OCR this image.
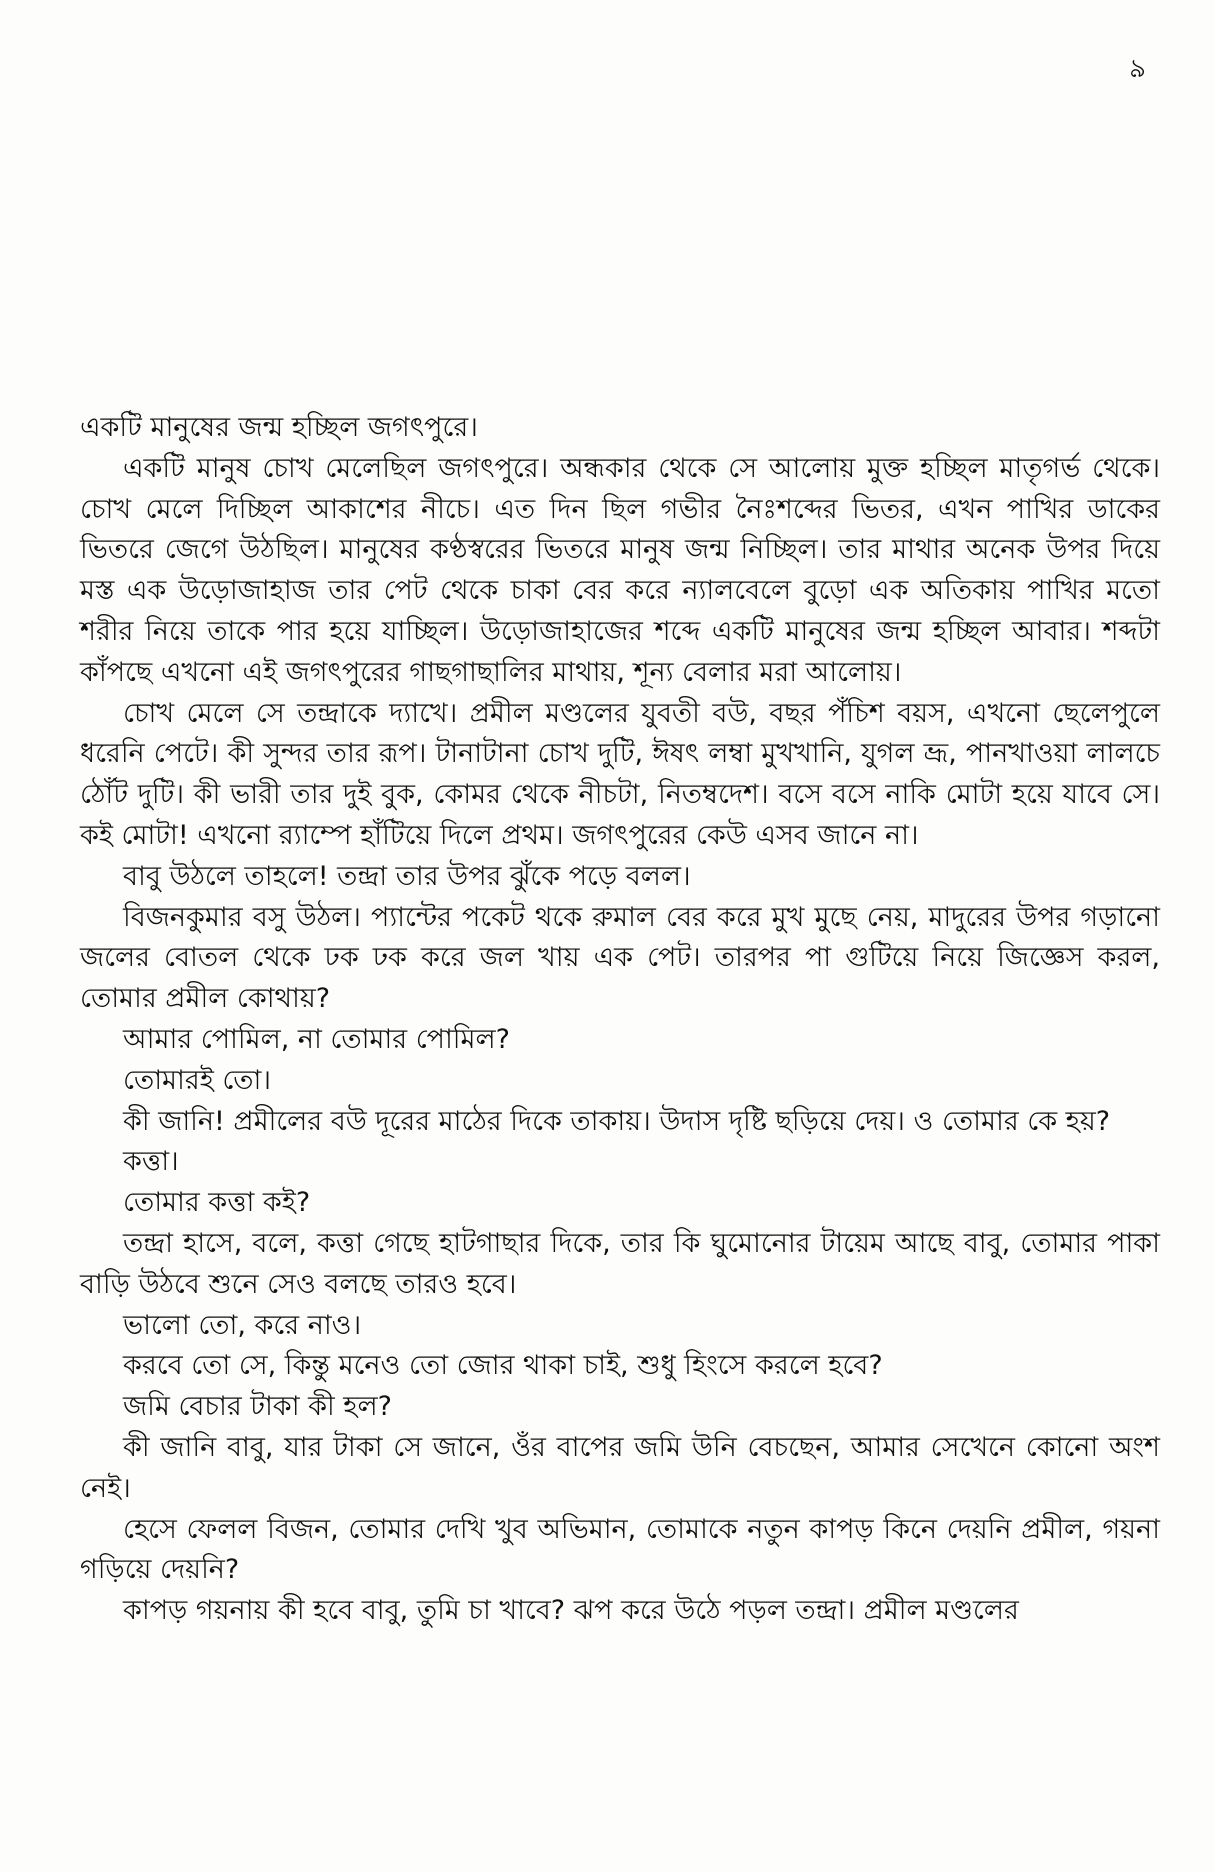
৯

একটি মানুষের জন্ম হচ্ছিল জগৎপুরে।

একটি মানুষ চোখ মেলেছিল জগৎপুরে। অন্ধকার থেকে সে আলোয় মুক্ত হচ্ছিল মাতৃগর্ভ থেকে। চোখ মেলে দিচ্ছিল আকাশের নীচে। এত দিন ছিল গভীর নৈঃশব্দের ভিতর, এখন পাখির ডাকের ভিতরে জেগে উঠছিল। মানুষের কণ্ঠস্বরের ভিতরে মানুষ জন্ম নিচ্ছিল। তার মাথার অনেক উপর দিয়ে মস্ত এক উড়োজাহাজ তার পেট থেকে চাকা বের করে ন্যালবেলে বুড়ো এক অতিকায় পাখির মতো শরীর নিয়ে তাকে পার হয়ে যাচ্ছিল। উড়োজাহাজের শব্দে একটি মানুষের জন্ম হচ্ছিল আবার। শব্দটা কাঁপছে এখনো এই জগৎপুরের গাছগাছালির মাথায়, শূন্য বেলার মরা আলোয়।

চোখ মেলে সে তন্দ্রাকে দ্যাখে। প্রমীল মণ্ডলের যুবতী বউ, বছর পঁচিশ বয়স, এখনো ছেলেপুলে ধরেনি পেটে। কী সুন্দর তার রূপ। টানাটানা চোখ দুটি, ঈষৎ লম্বা মুখখানি, যুগল ভ্রূ, পানখাওয়া লালচে ঠোঁট দুটি। কী ভারী তার দুই বুক, কোমর থেকে নীচটা, নিতম্বদেশ। বসে বসে নাকি মোটা হয়ে যাবে সে। কই মোটা! এখনো র‍্যাম্পে হাঁটিয়ে দিলে প্রথম। জগৎপুরের কেউ এসব জানে না।

বাবু উঠলে তাহলে! তন্দ্রা তার উপর ঝুঁকে পড়ে বলল।

বিজনকুমার বসু উঠল। প্যান্টের পকেট থকে রুমাল বের করে মুখ মুছে নেয়, মাদুরের উপর গড়ানো জলের বোতল থেকে ঢক ঢক করে জল খায় এক পেট। তারপর পা গুটিয়ে নিয়ে জিজ্ঞেস করল, তোমার প্রমীল কোথায়?

আমার পোমিল, না তোমার পোমিল?

তোমারই তো।

কী জানি! প্রমীলের বউ দূরের মাঠের দিকে তাকায়। উদাস দৃষ্টি ছড়িয়ে দেয়। ও তোমার কে হয়?

কত্তা।

তোমার কত্তা কই?

তন্দ্রা হাসে, বলে, কত্তা গেছে হাটগাছার দিকে, তার কি ঘুমোনোর টায়েম আছে বাবু, তোমার পাকা বাড়ি উঠবে শুনে সেও বলছে তারও হবে।

ভালো তো, করে নাও।

করবে তো সে, কিন্তু মনেও তো জোর থাকা চাই, শুধু হিংসে করলে হবে?

জমি বেচার টাকা কী হল?

কী জানি বাবু, যার টাকা সে জানে, ওঁর বাপের জমি উনি বেচছেন, আমার সেখেনে কোনো অংশ নেই।

হেসে ফেলল বিজন, তোমার দেখি খুব অভিমান, তোমাকে নতুন কাপড় কিনে দেয়নি প্রমীল, গয়না গড়িয়ে দেয়নি?

কাপড় গয়নায় কী হবে বাবু, তুমি চা খাবে? ঝপ করে উঠে পড়ল তন্দ্রা। প্রমীল মণ্ডলের
